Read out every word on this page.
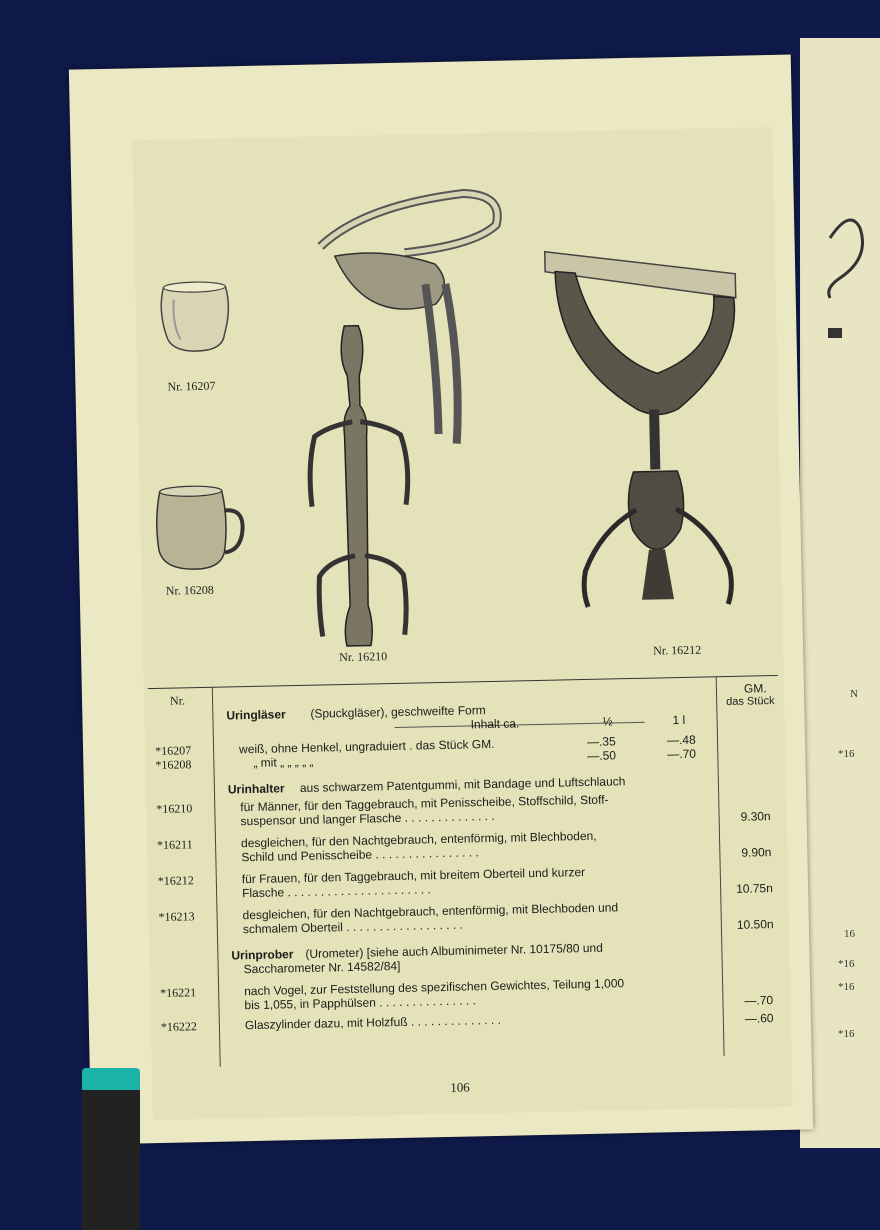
N
*16
16
*16
*16
*16
Nr. 16207
Nr. 16208
Nr. 16210	Nr. 16212
Nr.
GM.
das Stück
Uringläser (Spuckgläser), geschweifte Form
Inhalt ca.	½	1 l
*16207	weiß, ohne Henkel, ungraduiert . das Stück GM.	—.35	—.48
*16208	„ mit „ „ „ „ „	—.50	—.70
Urinhalter aus schwarzem Patentgummi, mit Bandage und Luftschlauch
*16210	für Männer, für den Taggebrauch, mit Penisscheibe, Stoffschild, Stoff-
suspensor und langer Flasche . . . . . . . . . . . . . .	9.30n
*16211	desgleichen, für den Nachtgebrauch, entenförmig, mit Blechboden,
Schild und Penisscheibe . . . . . . . . . . . . . . . .	9.90n
*16212	für Frauen, für den Taggebrauch, mit breitem Oberteil und kurzer
Flasche . . . . . . . . . . . . . . . . . . . . . .	10.75n
*16213	desgleichen, für den Nachtgebrauch, entenförmig, mit Blechboden und
schmalem Oberteil . . . . . . . . . . . . . . . . . .	10.50n
Urinprober (Urometer) [siehe auch Albuminimeter Nr. 10175/80 und
Saccharometer Nr. 14582/84]
*16221	nach Vogel, zur Feststellung des spezifischen Gewichtes, Teilung 1,000
bis 1,055, in Papphülsen . . . . . . . . . . . . . . .	—.70
*16222	Glaszylinder dazu, mit Holzfuß . . . . . . . . . . . . . .	—.60
106
